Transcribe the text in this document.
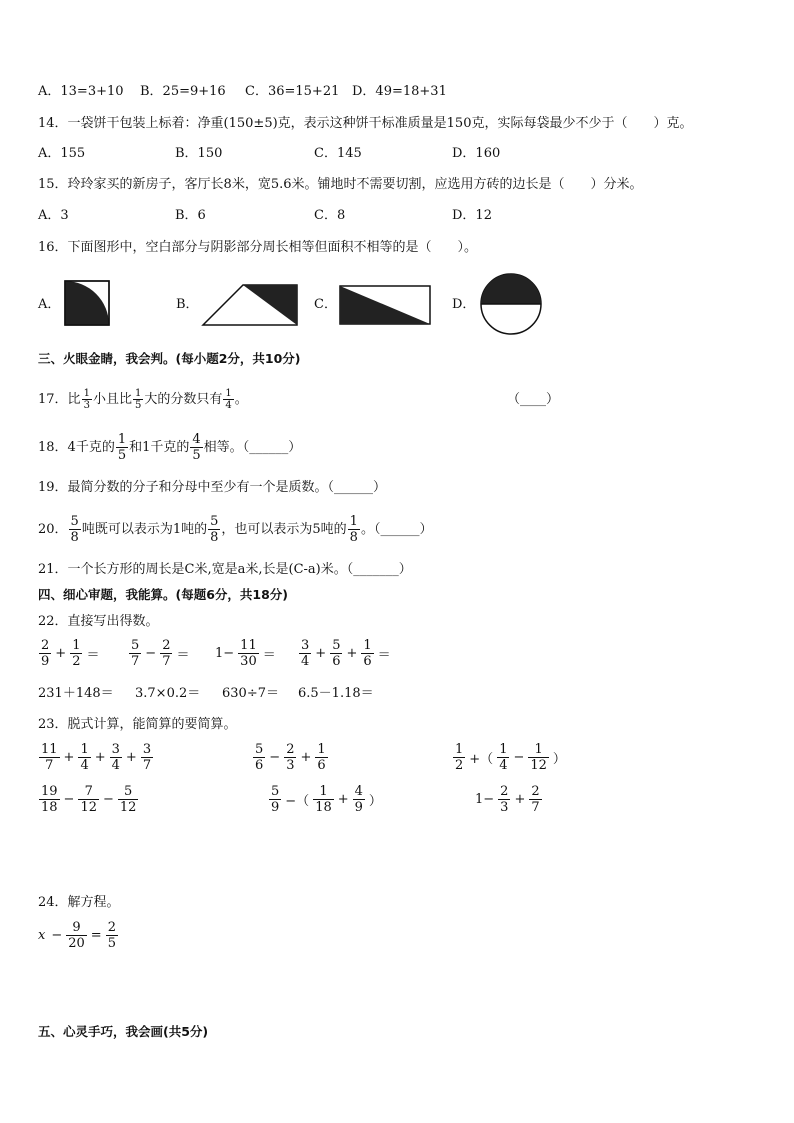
A．13=3+10 B．25=9+16 C．36=15+21 D．49=18+31
14．一袋饼干包装上标着：净重(150±5)克，表示这种饼干标准质量是150克，实际每袋最少不少于（　　）克。
A．155	B．150	C．145	D．160
15．玲玲家买的新房子，客厅长8米，宽5.6米。铺地时不需要切割，应选用方砖的边长是（　　）分米。
A．3	B．6	C．8	D．12
16．下面图形中，空白部分与阴影部分周长相等但面积不相等的是（　　）。
A．	B．	C．	D．
三、火眼金睛，我会判。(每小题2分，共10分)
17．比 $\frac{1}{3}$ 小且比 $\frac{1}{5}$ 大的分数只有 $\frac{1}{4}$ 。	（____）
18．4千克的 $\frac{1}{5}$ 和1千克的 $\frac{4}{5}$ 相等。（______）
19．最简分数的分子和分母中至少有一个是质数。（______）
20． $\frac{5}{8}$ 吨既可以表示为1吨的 $\frac{5}{8}$ ，也可以表示为5吨的 $\frac{1}{8}$ 。（______）
21．一个长方形的周长是C米,宽是a米,长是(C-a)米。（_______）
四、细心审题，我能算。(每题6分，共18分)
22．直接写出得数。
$\frac{2}{9} + \frac{1}{2} = \frac{5}{7} - \frac{2}{7} = 1- \frac{11}{30} = \frac{3}{4} + \frac{5}{6} + \frac{1}{6}$ ＝
231＋148＝ 3.7×0.2＝ 630÷7＝ 6.5－1.18＝
23．脱式计算，能简算的要简算。
$\frac{11}{7} + \frac{1}{4} + \frac{3}{4} + \frac{3}{7}$	$\frac{5}{6} - \frac{2}{3} + \frac{1}{6}$	$\frac{1}{2}$ +（ $\frac{1}{4} - \frac{1}{12}$ ）
$\frac{19}{18} - \frac{7}{12} - \frac{5}{12}$	$\frac{5}{9}$ −（ $\frac{1}{18} + \frac{4}{9}$ ）	$1- \frac{2}{3} + \frac{2}{7}$
24．解方程。
$x - \frac{9}{20} = \frac{2}{5}$
五、心灵手巧，我会画(共5分)
